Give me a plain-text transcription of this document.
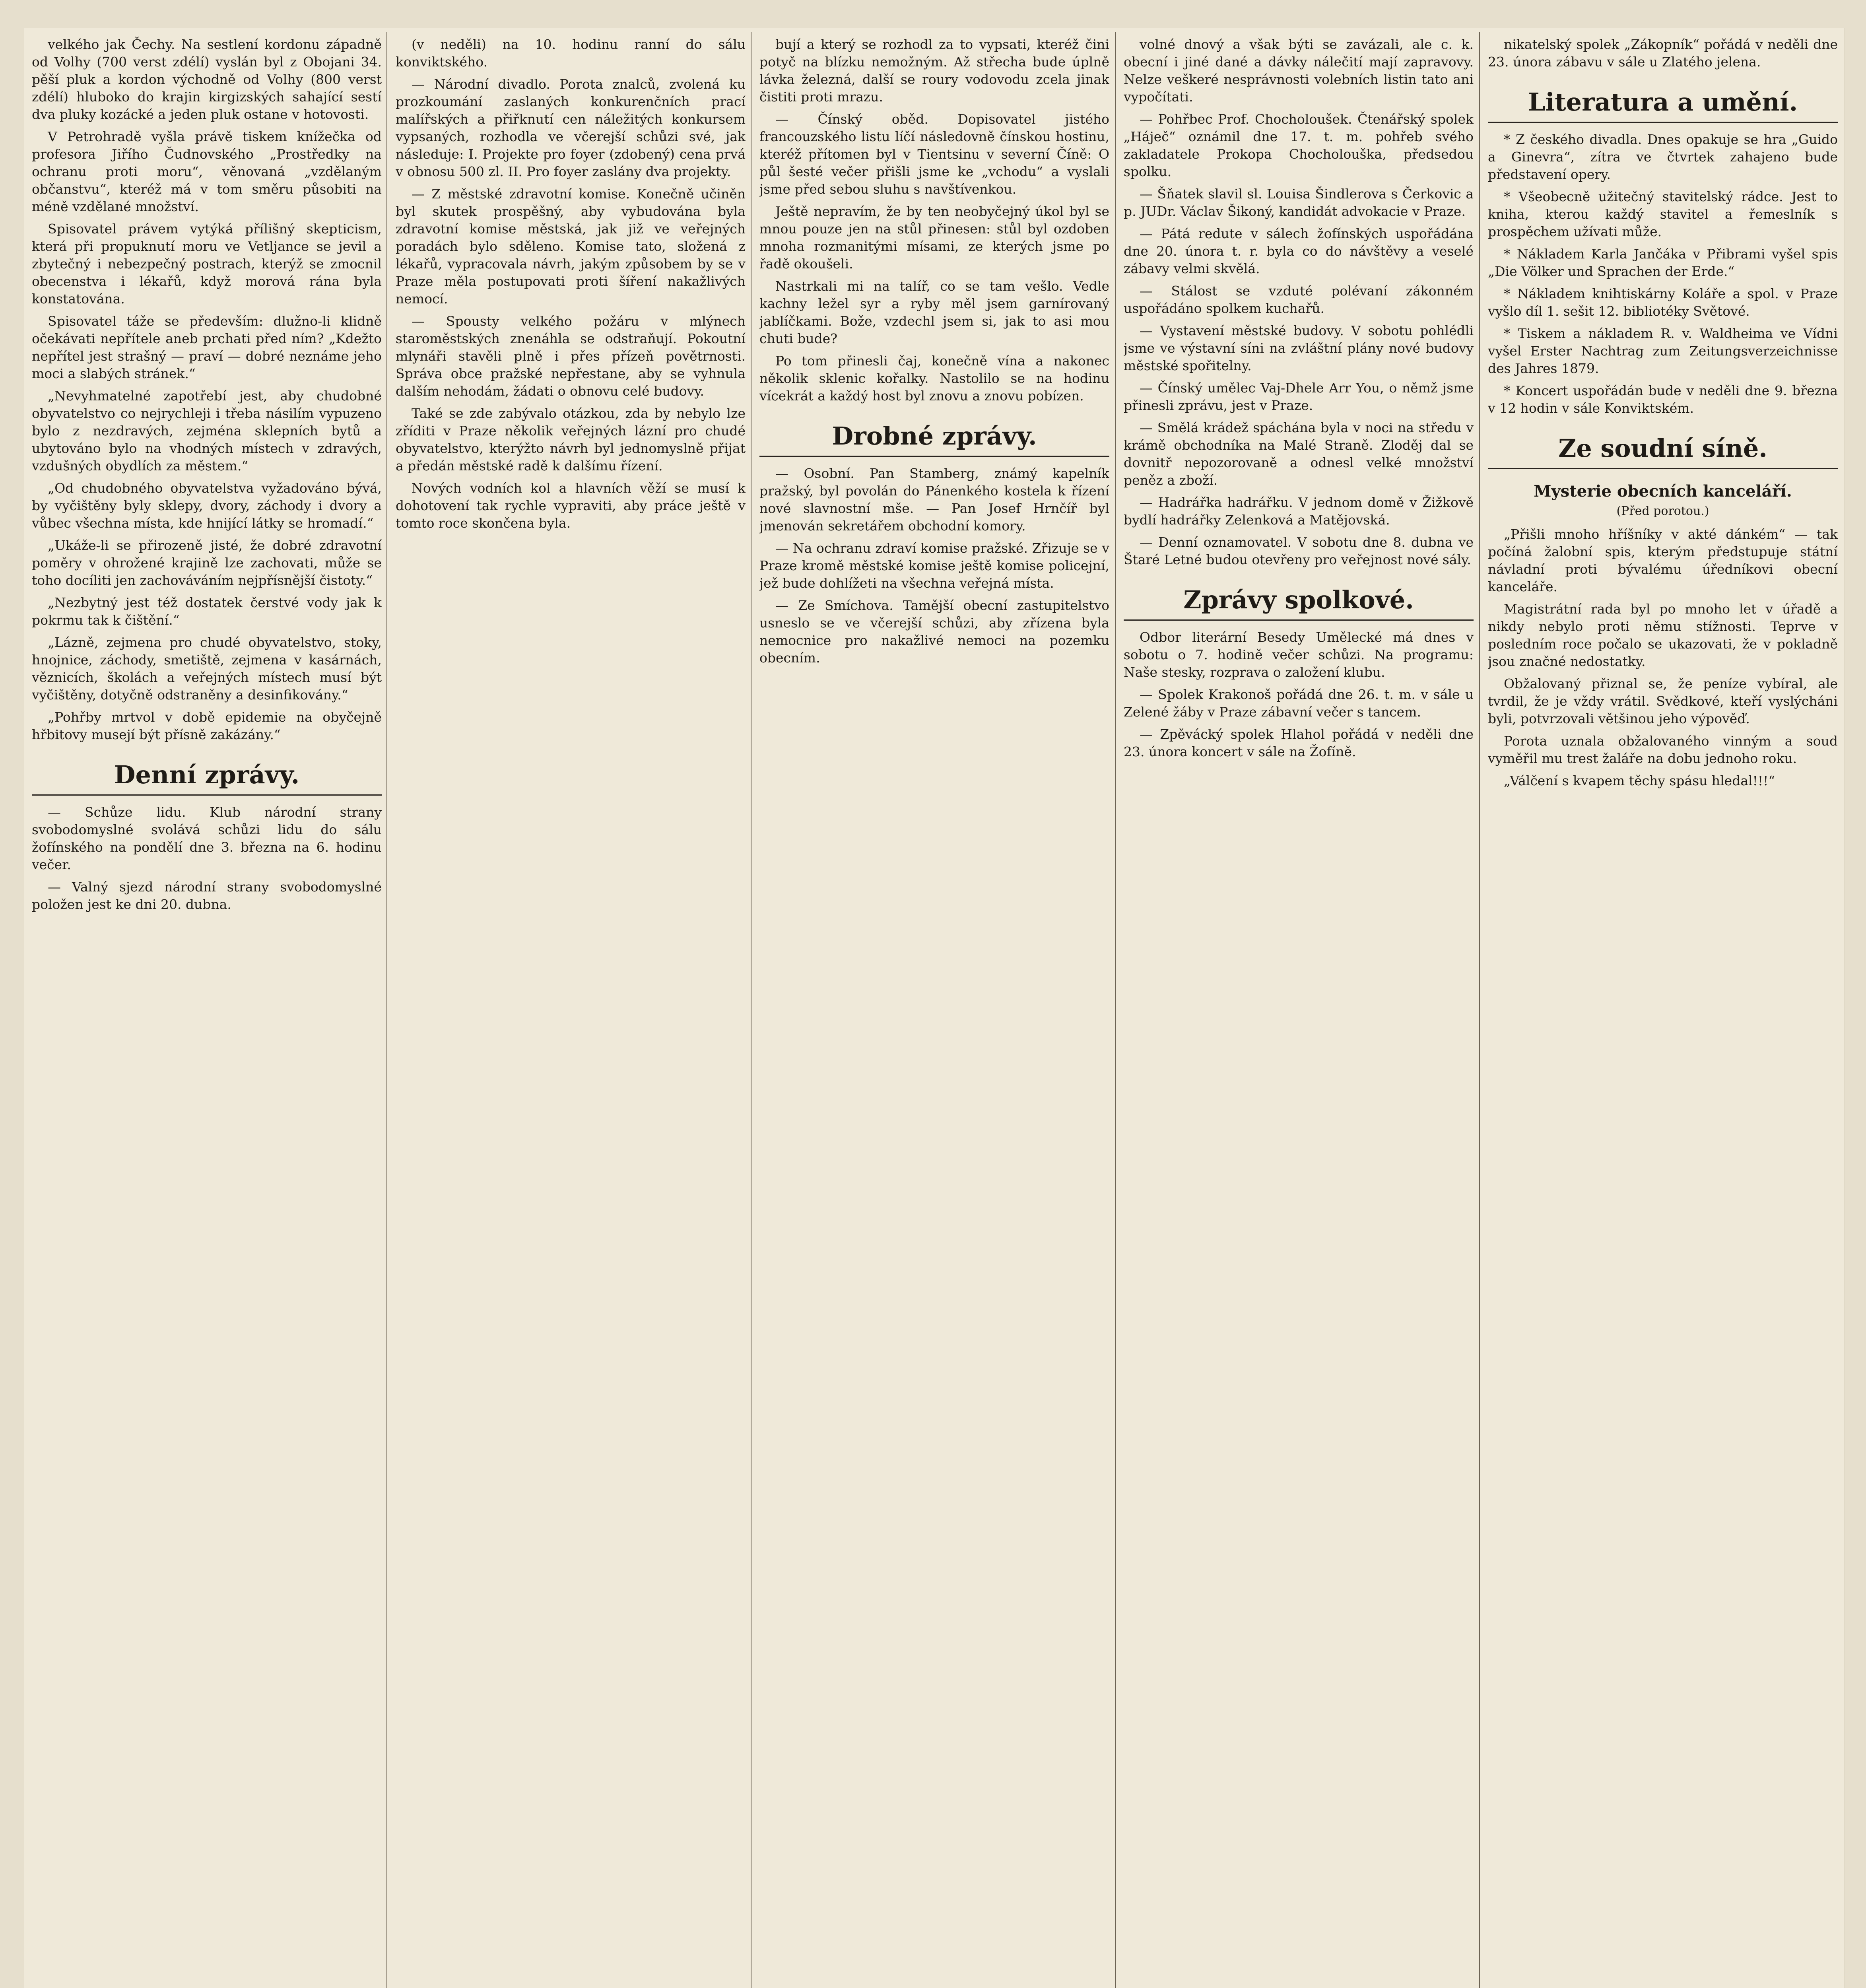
velkého jak Čechy. Na sestlení kordonu západně od Volhy (700 verst zdélí) vyslán byl z Obojani 34. pěší pluk a kordon východně od Volhy (800 verst zdélí) hluboko do krajin kirgizských sahající sestí dva pluky kozácké a jeden pluk ostane v hotovosti.

V Petrohradě vyšla právě tiskem knížečka od profesora Jiřího Čudnovského „Prostředky na ochranu proti moru“, věnovaná „vzdělaným občanstvu“, kteréž má v tom směru působiti na méně vzdělané množství.

Spisovatel právem vytýká přílišný skepticism, která při propuknutí moru ve Vetljance se jevil a zbytečný i nebezpečný postrach, kterýž se zmocnil obecenstva i lékařů, když morová rána byla konstatována.

Spisovatel táže se především: dlužno-li klidně očekávati nepřítele aneb prchati před ním? „Kdežto nepřítel jest strašný — praví — dobré neznáme jeho moci a slabých stránek.“

„Nevyhmatelné zapotřebí jest, aby chudobné obyvatelstvo co nejrychleji i třeba násilím vypuzeno bylo z nezdravých, zejména sklepních bytů a ubytováno bylo na vhodných místech v zdravých, vzdušných obydlích za městem.“

„Od chudobného obyvatelstva vyžadováno bývá, by vyčištěny byly sklepy, dvory, záchody i dvory a vůbec všechna místa, kde hnijící látky se hromadí.“

„Ukáže-li se přirozeně jisté, že dobré zdravotní poměry v ohrožené krajině lze zachovati, může se toho docíliti jen zachováváním nejpřísnější čistoty.“

„Nezbytný jest též dostatek čerstvé vody jak k pokrmu tak k čištění.“

„Lázně, zejmena pro chudé obyvatelstvo, stoky, hnojnice, záchody, smetiště, zejmena v kasárnách, věznicích, školách a veřejných místech musí být vyčištěny, dotyčně odstraněny a desinfikovány.“

„Pohřby mrtvol v době epidemie na obyčejně hřbitovy musejí být přísně zakázány.“

Denní zprávy.

— Schůze lidu. Klub národní strany svobodomyslné svolává schůzi lidu do sálu žofínského na pondělí dne 3. března na 6. hodinu večer.

— Valný sjezd národní strany svobodomyslné položen jest ke dni 20. dubna.

(v neděli) na 10. hodinu ranní do sálu konviktského.

— Národní divadlo. Porota znalců, zvolená ku prozkoumání zaslaných konkurenčních prací malířských a přiřknutí cen náležitých konkursem vypsaných, rozhodla ve včerejší schůzi své, jak následuje: I. Projekte pro foyer (zdobený) cena prvá v obnosu 500 zl. II. Pro foyer zaslány dva projekty.

— Z městské zdravotní komise. Konečně učiněn byl skutek prospěšný, aby vybudována byla zdravotní komise městská, jak již ve veřejných poradách bylo sděleno. Komise tato, složená z lékařů, vypracovala návrh, jakým způsobem by se v Praze měla postupovati proti šíření nakažlivých nemocí.

— Spousty velkého požáru v mlýnech staroměstských znenáhla se odstraňují. Pokoutní mlynáři stavěli plně i přes přízeň povětrnosti. Správa obce pražské nepřestane, aby se vyhnula dalším nehodám, žádati o obnovu celé budovy.

Také se zde zabývalo otázkou, zda by nebylo lze zříditi v Praze několik veřejných lázní pro chudé obyvatelstvo, kterýžto návrh byl jednomyslně přijat a předán městské radě k dalšímu řízení.

Nových vodních kol a hlavních věží se musí k dohotovení tak rychle vypraviti, aby práce ještě v tomto roce skončena byla.

bují a který se rozhodl za to vypsati, kteréž čini potyč na blízku nemožným. Až střecha bude úplně lávka železná, další se roury vodovodu zcela jinak čistiti proti mrazu.

— Čínský oběd. Dopisovatel jistého francouzského listu líčí následovně čínskou hostinu, kteréž přítomen byl v Tientsinu v severní Číně: O půl šesté večer přišli jsme ke „vchodu“ a vyslali jsme před sebou sluhu s navštívenkou.

Ještě nepravím, že by ten neobyčejný úkol byl se mnou pouze jen na stůl přinesen: stůl byl ozdoben mnoha rozmanitými mísami, ze kterých jsme po řadě okoušeli.

Nastrkali mi na talíř, co se tam vešlo. Vedle kachny ležel syr a ryby měl jsem garnírovaný jablíčkami. Bože, vzdechl jsem si, jak to asi mou chuti bude?

Po tom přinesli čaj, konečně vína a nakonec několik sklenic kořalky. Nastolilo se na hodinu vícekrát a každý host byl znovu a znovu pobízen.

Drobné zprávy.

— Osobní. Pan Stamberg, známý kapelník pražský, byl povolán do Pánenkého kostela k řízení nové slavnostní mše. — Pan Josef Hrnčíř byl jmenován sekretářem obchodní komory.

— Na ochranu zdraví komise pražské. Zřizuje se v Praze kromě městské komise ještě komise policejní, jež bude dohlížeti na všechna veřejná místa.

— Ze Smíchova. Tamější obecní zastupitelstvo usneslo se ve včerejší schůzi, aby zřízena byla nemocnice pro nakažlivé nemoci na pozemku obecním.

volné dnový a však býti se zavázali, ale c. k. obecní i jiné dané a dávky nálečití mají zapravovy. Nelze veškeré nesprávnosti volebních listin tato ani vypočítati.

— Pohřbec Prof. Chocholoušek. Čtenářský spolek „Háječ“ oznámil dne 17. t. m. pohřeb svého zakladatele Prokopa Chocholouška, předsedou spolku.

— Šňatek slavil sl. Louisa Šindlerova s Čerkovic a p. JUDr. Václav Šikoný, kandidát advokacie v Praze.

— Pátá redute v sálech žofínských uspořádána dne 20. února t. r. byla co do návštěvy a veselé zábavy velmi skvělá.

— Stálost se vzduté polévaní zákonném uspořádáno spolkem kuchařů.

— Vystavení městské budovy. V sobotu pohlédli jsme ve výstavní síni na zvláštní plány nové budovy městské spořitelny.

— Čínský umělec Vaj-Dhele Arr You, o němž jsme přinesli zprávu, jest v Praze.

— Smělá krádež spáchána byla v noci na středu v krámě obchodníka na Malé Straně. Zloděj dal se dovnitř nepozorovaně a odnesl velké množství peněz a zboží.

— Hadrářka hadrářku. V jednom domě v Žižkově bydlí hadrářky Zelenková a Matějovská.

— Denní oznamovatel. V sobotu dne 8. dubna ve Štaré Letné budou otevřeny pro veřejnost nové sály.

Zprávy spolkové.

Odbor literární Besedy Umělecké má dnes v sobotu o 7. hodině večer schůzi. Na programu: Naše stesky, rozprava o založení klubu.

— Spolek Krakonoš pořádá dne 26. t. m. v sále u Zelené žáby v Praze zábavní večer s tancem.

— Zpěvácký spolek Hlahol pořádá v neděli dne 23. února koncert v sále na Žofíně.

nikatelský spolek „Zákopník“ pořádá v neděli dne 23. února zábavu v sále u Zlatého jelena.

Literatura a umění.

* Z českého divadla. Dnes opakuje se hra „Guido a Ginevra“, zítra ve čtvrtek zahajeno bude představení opery.

* Všeobecně užitečný stavitelský rádce. Jest to kniha, kterou každý stavitel a řemeslník s prospěchem užívati může.

* Nákladem Karla Jančáka v Přibrami vyšel spis „Die Völker und Sprachen der Erde.“

* Nákladem knihtiskárny Koláře a spol. v Praze vyšlo díl 1. sešit 12. bibliotéky Světové.

* Tiskem a nákladem R. v. Waldheima ve Vídni vyšel Erster Nachtrag zum Zeitungsverzeichnisse des Jahres 1879.

* Koncert uspořádán bude v neděli dne 9. března v 12 hodin v sále Konviktském.

Ze soudní síně.
Mysterie obecních kanceláří.
(Před porotou.)

„Přišli mnoho hříšníky v akté dánkém“ — tak počíná žalobní spis, kterým předstupuje státní návladní proti bývalému úředníkovi obecní kanceláře.

Magistrátní rada byl po mnoho let v úřadě a nikdy nebylo proti němu stížnosti. Teprve v posledním roce počalo se ukazovati, že v pokladně jsou značné nedostatky.

Obžalovaný přiznal se, že peníze vybíral, ale tvrdil, že je vždy vrátil. Svědkové, kteří vyslýcháni byli, potvrzovali většinou jeho výpověď.

Porota uznala obžalovaného vinným a soud vyměřil mu trest žaláře na dobu jednoho roku.

„Válčení s kvapem těchy spásu hledal!!!“
